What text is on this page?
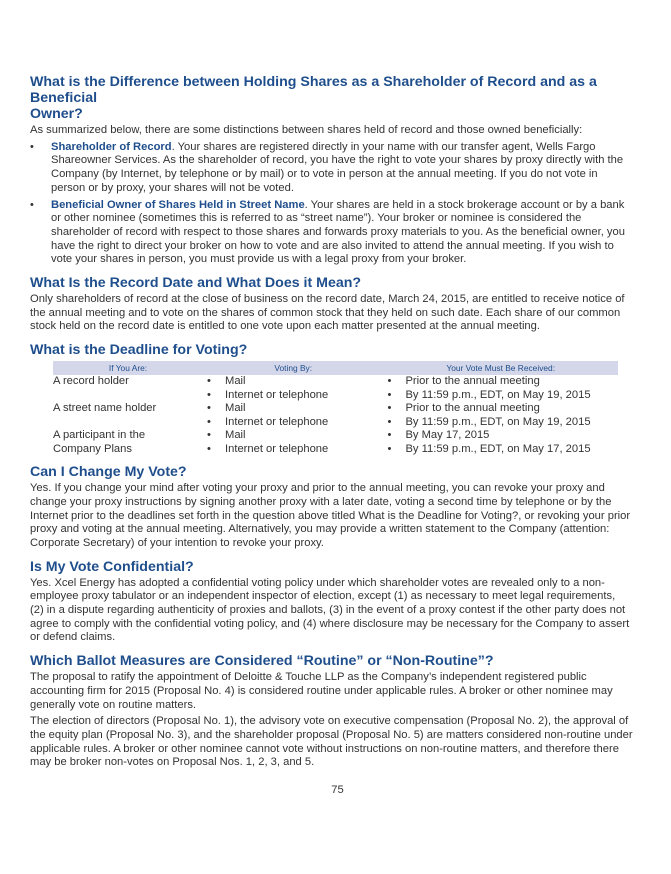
What is the Difference between Holding Shares as a Shareholder of Record and as a Beneficial
Owner?
As summarized below, there are some distinctions between shares held of record and those owned beneficially:
• Shareholder of Record. Your shares are registered directly in your name with our transfer agent, Wells Fargo
Shareowner Services. As the shareholder of record, you have the right to vote your shares by proxy directly with the
Company (by Internet, by telephone or by mail) or to vote in person at the annual meeting. If you do not vote in
person or by proxy, your shares will not be voted.
• Beneficial Owner of Shares Held in Street Name. Your shares are held in a stock brokerage account or by a bank
or other nominee (sometimes this is referred to as “street name”). Your broker or nominee is considered the
shareholder of record with respect to those shares and forwards proxy materials to you. As the beneficial owner, you
have the right to direct your broker on how to vote and are also invited to attend the annual meeting. If you wish to
vote your shares in person, you must provide us with a legal proxy from your broker.
What Is the Record Date and What Does it Mean?
Only shareholders of record at the close of business on the record date, March 24, 2015, are entitled to receive notice of
the annual meeting and to vote on the shares of common stock that they held on such date. Each share of our common
stock held on the record date is entitled to one vote upon each matter presented at the annual meeting.
What is the Deadline for Voting?
If You Are:	Voting By:		Your Vote Must Be Received:	
A record holder	•	Mail	•	Prior to the annual meeting
	•	Internet or telephone	•	By 11:59 p.m., EDT, on May 19, 2015
A street name holder	•	Mail	•	Prior to the annual meeting
	•	Internet or telephone	•	By 11:59 p.m., EDT, on May 19, 2015
A participant in the	•	Mail	•	By May 17, 2015
Company Plans	•	Internet or telephone	•	By 11:59 p.m., EDT, on May 17, 2015
Can I Change My Vote?
Yes. If you change your mind after voting your proxy and prior to the annual meeting, you can revoke your proxy and
change your proxy instructions by signing another proxy with a later date, voting a second time by telephone or by the
Internet prior to the deadlines set forth in the question above titled What is the Deadline for Voting?, or revoking your prior
proxy and voting at the annual meeting. Alternatively, you may provide a written statement to the Company (attention:
Corporate Secretary) of your intention to revoke your proxy.
Is My Vote Confidential?
Yes. Xcel Energy has adopted a confidential voting policy under which shareholder votes are revealed only to a non-
employee proxy tabulator or an independent inspector of election, except (1) as necessary to meet legal requirements,
(2) in a dispute regarding authenticity of proxies and ballots, (3) in the event of a proxy contest if the other party does not
agree to comply with the confidential voting policy, and (4) where disclosure may be necessary for the Company to assert
or defend claims.
Which Ballot Measures are Considered “Routine” or “Non-Routine”?
The proposal to ratify the appointment of Deloitte & Touche LLP as the Company’s independent registered public
accounting firm for 2015 (Proposal No. 4) is considered routine under applicable rules. A broker or other nominee may
generally vote on routine matters.
The election of directors (Proposal No. 1), the advisory vote on executive compensation (Proposal No. 2), the approval of
the equity plan (Proposal No. 3), and the shareholder proposal (Proposal No. 5) are matters considered non-routine under
applicable rules. A broker or other nominee cannot vote without instructions on non-routine matters, and therefore there
may be broker non-votes on Proposal Nos. 1, 2, 3, and 5.
75
